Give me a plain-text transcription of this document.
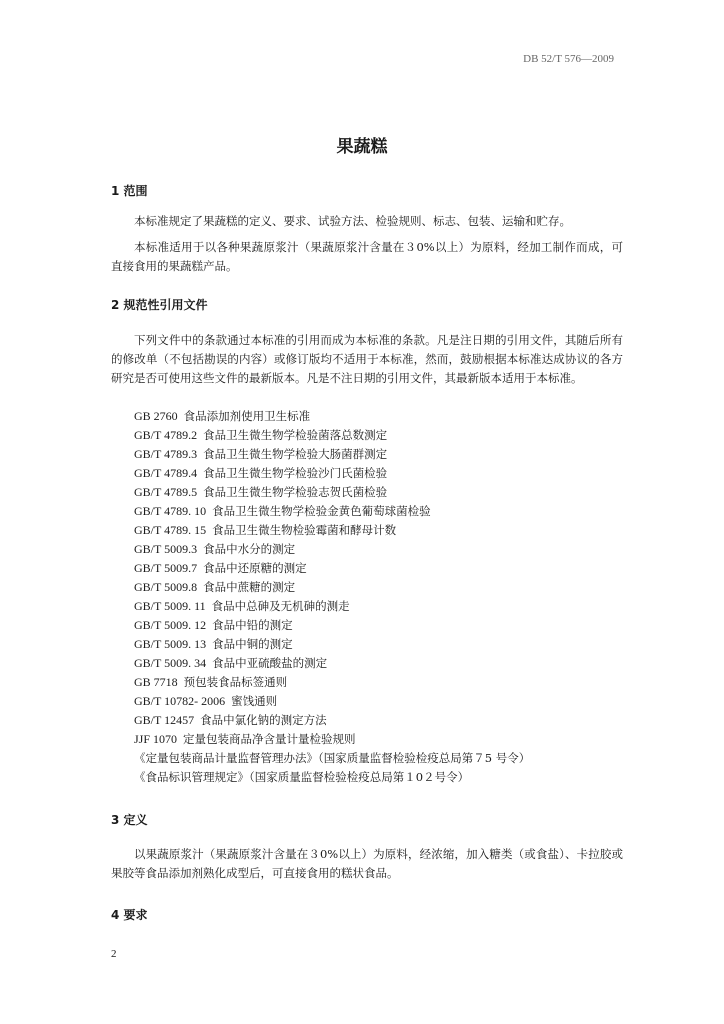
DB 52/T 576—2009
果蔬糕
1 范围

本标准规定了果蔬糕的定义、要求、试验方法、检验规则、标志、包装、运输和贮存。

本标准适用于以各种果蔬原浆汁（果蔬原浆汁含量在３0%以上）为原料，经加工制作而成，可直接食用的果蔬糕产品。

2 规范性引用文件

下列文件中的条款通过本标准的引用而成为本标准的条款。凡是注日期的引用文件，其随后所有的修改单（不包括勘误的内容）或修订版均不适用于本标准，然而，鼓励根据本标准达成协议的各方研究是否可使用这些文件的最新版本。凡是不注日期的引用文件，其最新版本适用于本标准。

GB 2760 食品添加剂使用卫生标准
GB/T 4789.2 食品卫生微生物学检验菌落总数测定
GB/T 4789.3 食品卫生微生物学检验大肠菌群测定
GB/T 4789.4 食品卫生微生物学检验沙门氏菌检验
GB/T 4789.5 食品卫生微生物学检验志贺氏菌检验
GB/T 4789. 10 食品卫生微生物学检验金黄色葡萄球菌检验
GB/T 4789. 15 食品卫生微生物检验霉菌和酵母计数
GB/T 5009.3 食品中水分的测定
GB/T 5009.7 食品中还原糖的测定
GB/T 5009.8 食品中蔗糖的测定
GB/T 5009. 11 食品中总砷及无机砷的测走
GB/T 5009. 12 食品中铅的测定
GB/T 5009. 13 食品中铜的测定
GB/T 5009. 34 食品中亚硫酸盐的测定
GB 7718 预包装食品标签通则
GB/T 10782- 2006 蜜饯通则
GB/T 12457 食品中氯化钠的测定方法
JJF 1070 定量包装商品净含量计量检验规则
《定量包装商品计量监督管理办法》（国家质量监督检验检疫总局第７5 号令）
《食品标识管理规定》（国家质量监督检验检疫总局第１0２号令）
3 定义

以果蔬原浆汁（果蔬原浆汁含量在３0%以上）为原料，经浓缩，加入糖类（或食盐）、卡拉胶或果胶等食品添加剂熟化成型后，可直接食用的糕状食品。

4 要求
2
